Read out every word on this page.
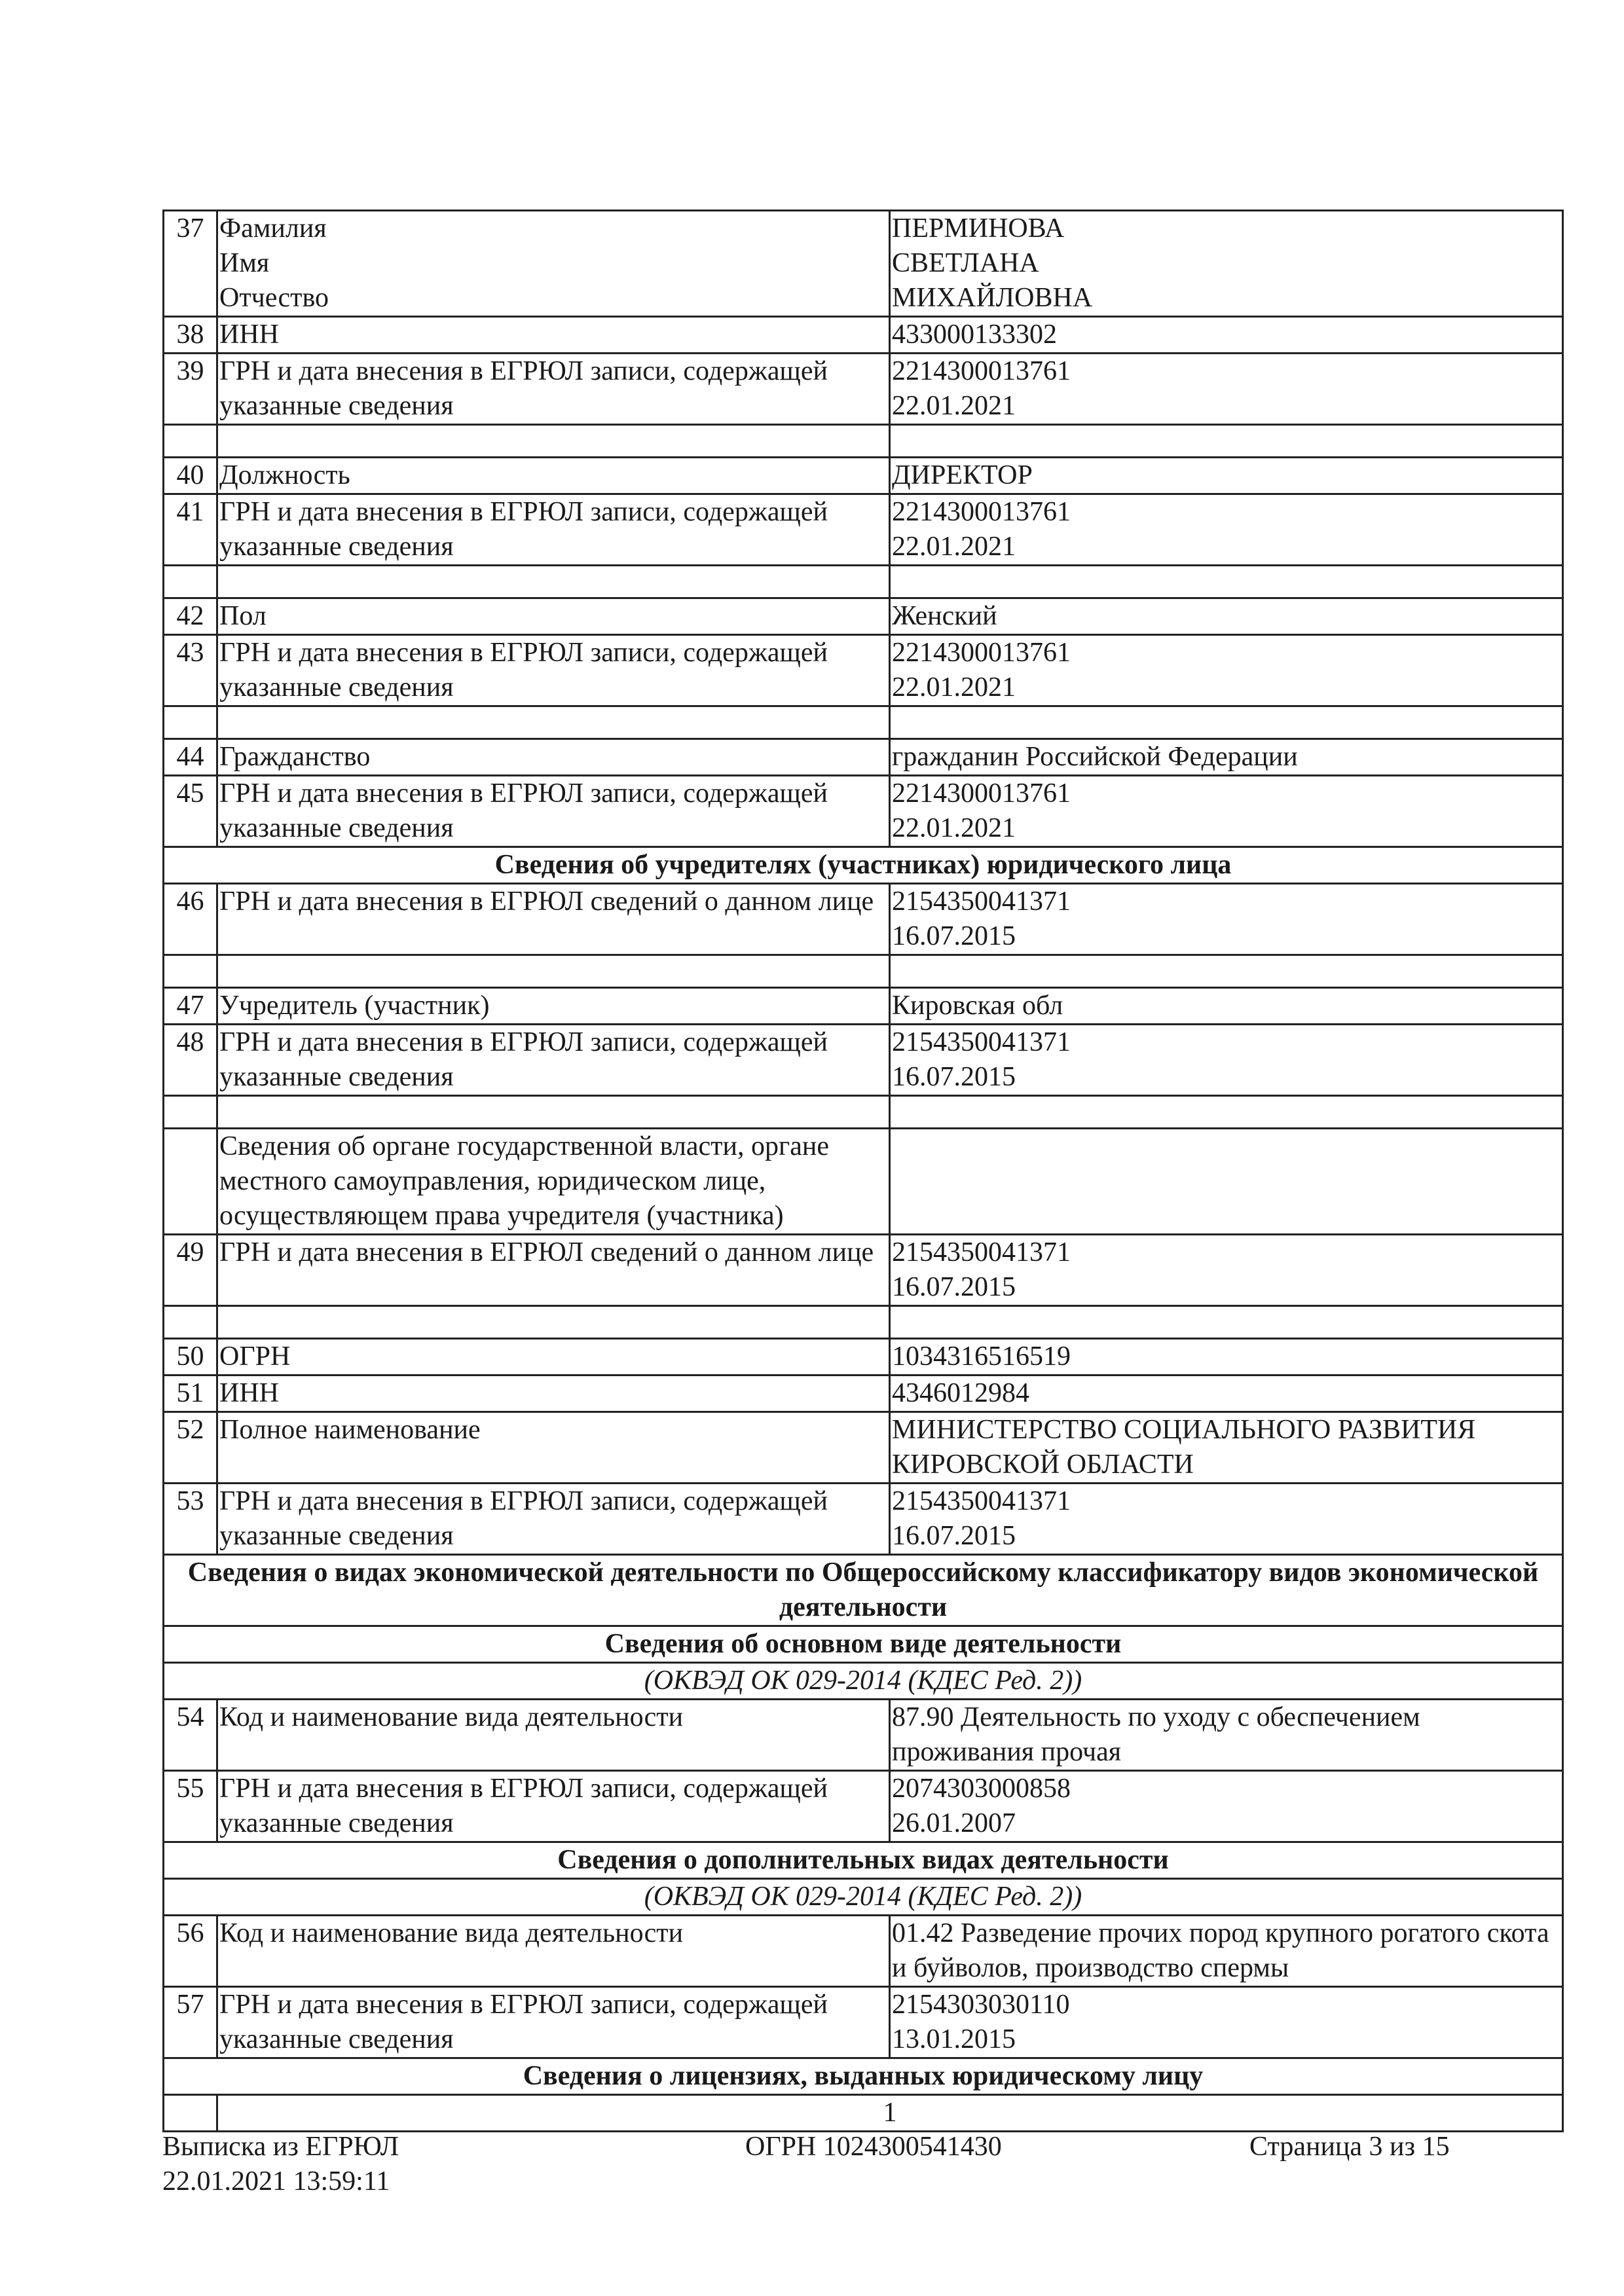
37	Фамилия
Имя
Отчество	ПЕРМИНОВА
СВЕТЛАНА
МИХАЙЛОВНА
38	ИНН	433000133302
39	ГРН и дата внесения в ЕГРЮЛ записи, содержащей указанные сведения	2214300013761
22.01.2021

40	Должность	ДИРЕКТОР
41	ГРН и дата внесения в ЕГРЮЛ записи, содержащей указанные сведения	2214300013761
22.01.2021

42	Пол	Женский
43	ГРН и дата внесения в ЕГРЮЛ записи, содержащей указанные сведения	2214300013761
22.01.2021

44	Гражданство	гражданин Российской Федерации
45	ГРН и дата внесения в ЕГРЮЛ записи, содержащей указанные сведения	2214300013761
22.01.2021
Сведения об учредителях (участниках) юридического лица		
46	ГРН и дата внесения в ЕГРЮЛ сведений о данном лице	2154350041371
16.07.2015

47	Учредитель (участник)	Кировская обл
48	ГРН и дата внесения в ЕГРЮЛ записи, содержащей указанные сведения	2154350041371
16.07.2015

	Сведения об органе государственной власти, органе местного самоуправления, юридическом лице, осуществляющем права учредителя (участника)	
49	ГРН и дата внесения в ЕГРЮЛ сведений о данном лице	2154350041371
16.07.2015

50	ОГРН	1034316516519
51	ИНН	4346012984
52	Полное наименование	МИНИСТЕРСТВО СОЦИАЛЬНОГО РАЗВИТИЯ КИРОВСКОЙ ОБЛАСТИ
53	ГРН и дата внесения в ЕГРЮЛ записи, содержащей указанные сведения	2154350041371
16.07.2015
Сведения о видах экономической деятельности по Общероссийскому классификатору видов экономической деятельности		
Сведения об основном виде деятельности		
(ОКВЭД ОК 029-2014 (КДЕС Ред. 2))		
54	Код и наименование вида деятельности	87.90 Деятельность по уходу с обеспечением проживания прочая
55	ГРН и дата внесения в ЕГРЮЛ записи, содержащей указанные сведения	2074303000858
26.01.2007
Сведения о дополнительных видах деятельности		
(ОКВЭД ОК 029-2014 (КДЕС Ред. 2))		
56	Код и наименование вида деятельности	01.42 Разведение прочих пород крупного рогатого скота и буйволов, производство спермы
57	ГРН и дата внесения в ЕГРЮЛ записи, содержащей указанные сведения	2154303030110
13.01.2015
Сведения о лицензиях, выданных юридическому лицу		
	1	
Выписка из ЕГРЮЛ
22.01.2021 13:59:11
ОГРН 1024300541430	Страница 3 из 15
